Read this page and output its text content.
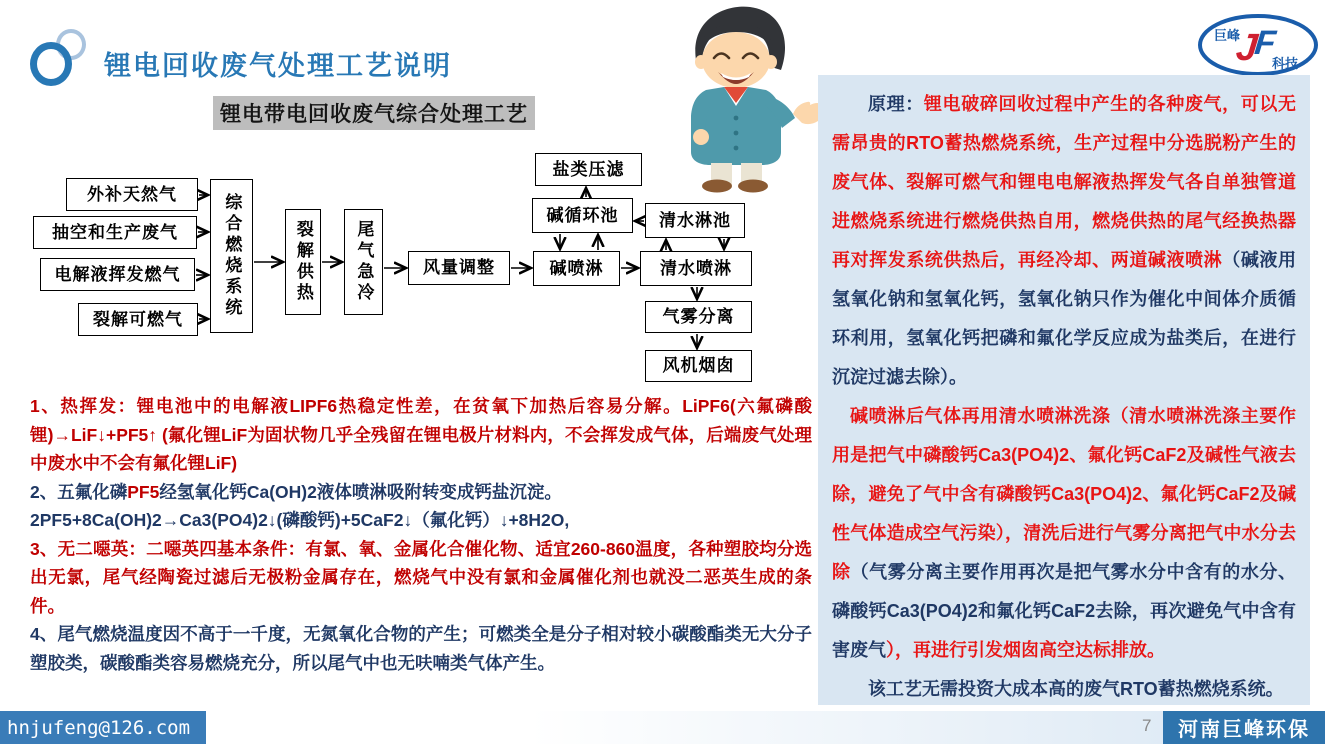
锂电回收废气处理工艺说明
锂电带电回收废气综合处理工艺
巨峰
J
F
科技
外补天然气
抽空和生产废气
电解液挥发燃气
裂解可燃气
综合燃烧系统	裂解供热	尾气急冷	风量调整
盐类压滤
碱循环池	清水淋池
碱喷淋	清水喷淋
气雾分离
风机烟囱

1、热挥发：锂电池中的电解液LIPF6热稳定性差，在贫氧下加热后容易分解。LiPF6(六氟磷酸锂)→LiF↓+PF5↑ (氟化锂LiF为固状物几乎全残留在锂电极片材料内，不会挥发成气体，后端废气处理中废水中不会有氟化锂LiF)

2、五氟化磷PF5经氢氧化钙Ca(OH)2液体喷淋吸附转变成钙盐沉淀。

2PF5+8Ca(OH)2→Ca3(PO4)2↓(磷酸钙)+5CaF2↓（氟化钙）↓+8H2O,

3、无二噁英：二噁英四基本条件：有氯、氧、金属化合催化物、适宜260-860温度，各种塑胶均分选出无氯，尾气经陶瓷过滤后无极粉金属存在，燃烧气中没有氯和金属催化剂也就没二恶英生成的条件。

4、尾气燃烧温度因不高于一千度，无氮氧化合物的产生；可燃类全是分子相对较小碳酸酯类无大分子塑胶类，碳酸酯类容易燃烧充分，所以尾气中也无呋喃类气体产生。

原理：锂电破碎回收过程中产生的各种废气，可以无需昂贵的RTO蓄热燃烧系统，生产过程中分选脱粉产生的废气体、裂解可燃气和锂电电解液热挥发气各自单独管道进燃烧系统进行燃烧供热自用，燃烧供热的尾气经换热器再对挥发系统供热后，再经冷却、两道碱液喷淋（碱液用氢氧化钠和氢氧化钙，氢氧化钠只作为催化中间体介质循环利用，氢氧化钙把磷和氟化学反应成为盐类后，在进行沉淀过滤去除）。

碱喷淋后气体再用清水喷淋洗涤（清水喷淋洗涤主要作用是把气中磷酸钙Ca3(PO4)2、氟化钙CaF2及碱性气液去除，避免了气中含有磷酸钙Ca3(PO4)2、氟化钙CaF2及碱性气体造成空气污染），清洗后进行气雾分离把气中水分去除（气雾分离主要作用再次是把气雾水分中含有的水分、磷酸钙Ca3(PO4)2和氟化钙CaF2去除，再次避免气中含有害废气），再进行引发烟囱高空达标排放。

该工艺无需投资大成本高的废气RTO蓄热燃烧系统。

hnjufeng@126.com	7	河南巨峰环保
